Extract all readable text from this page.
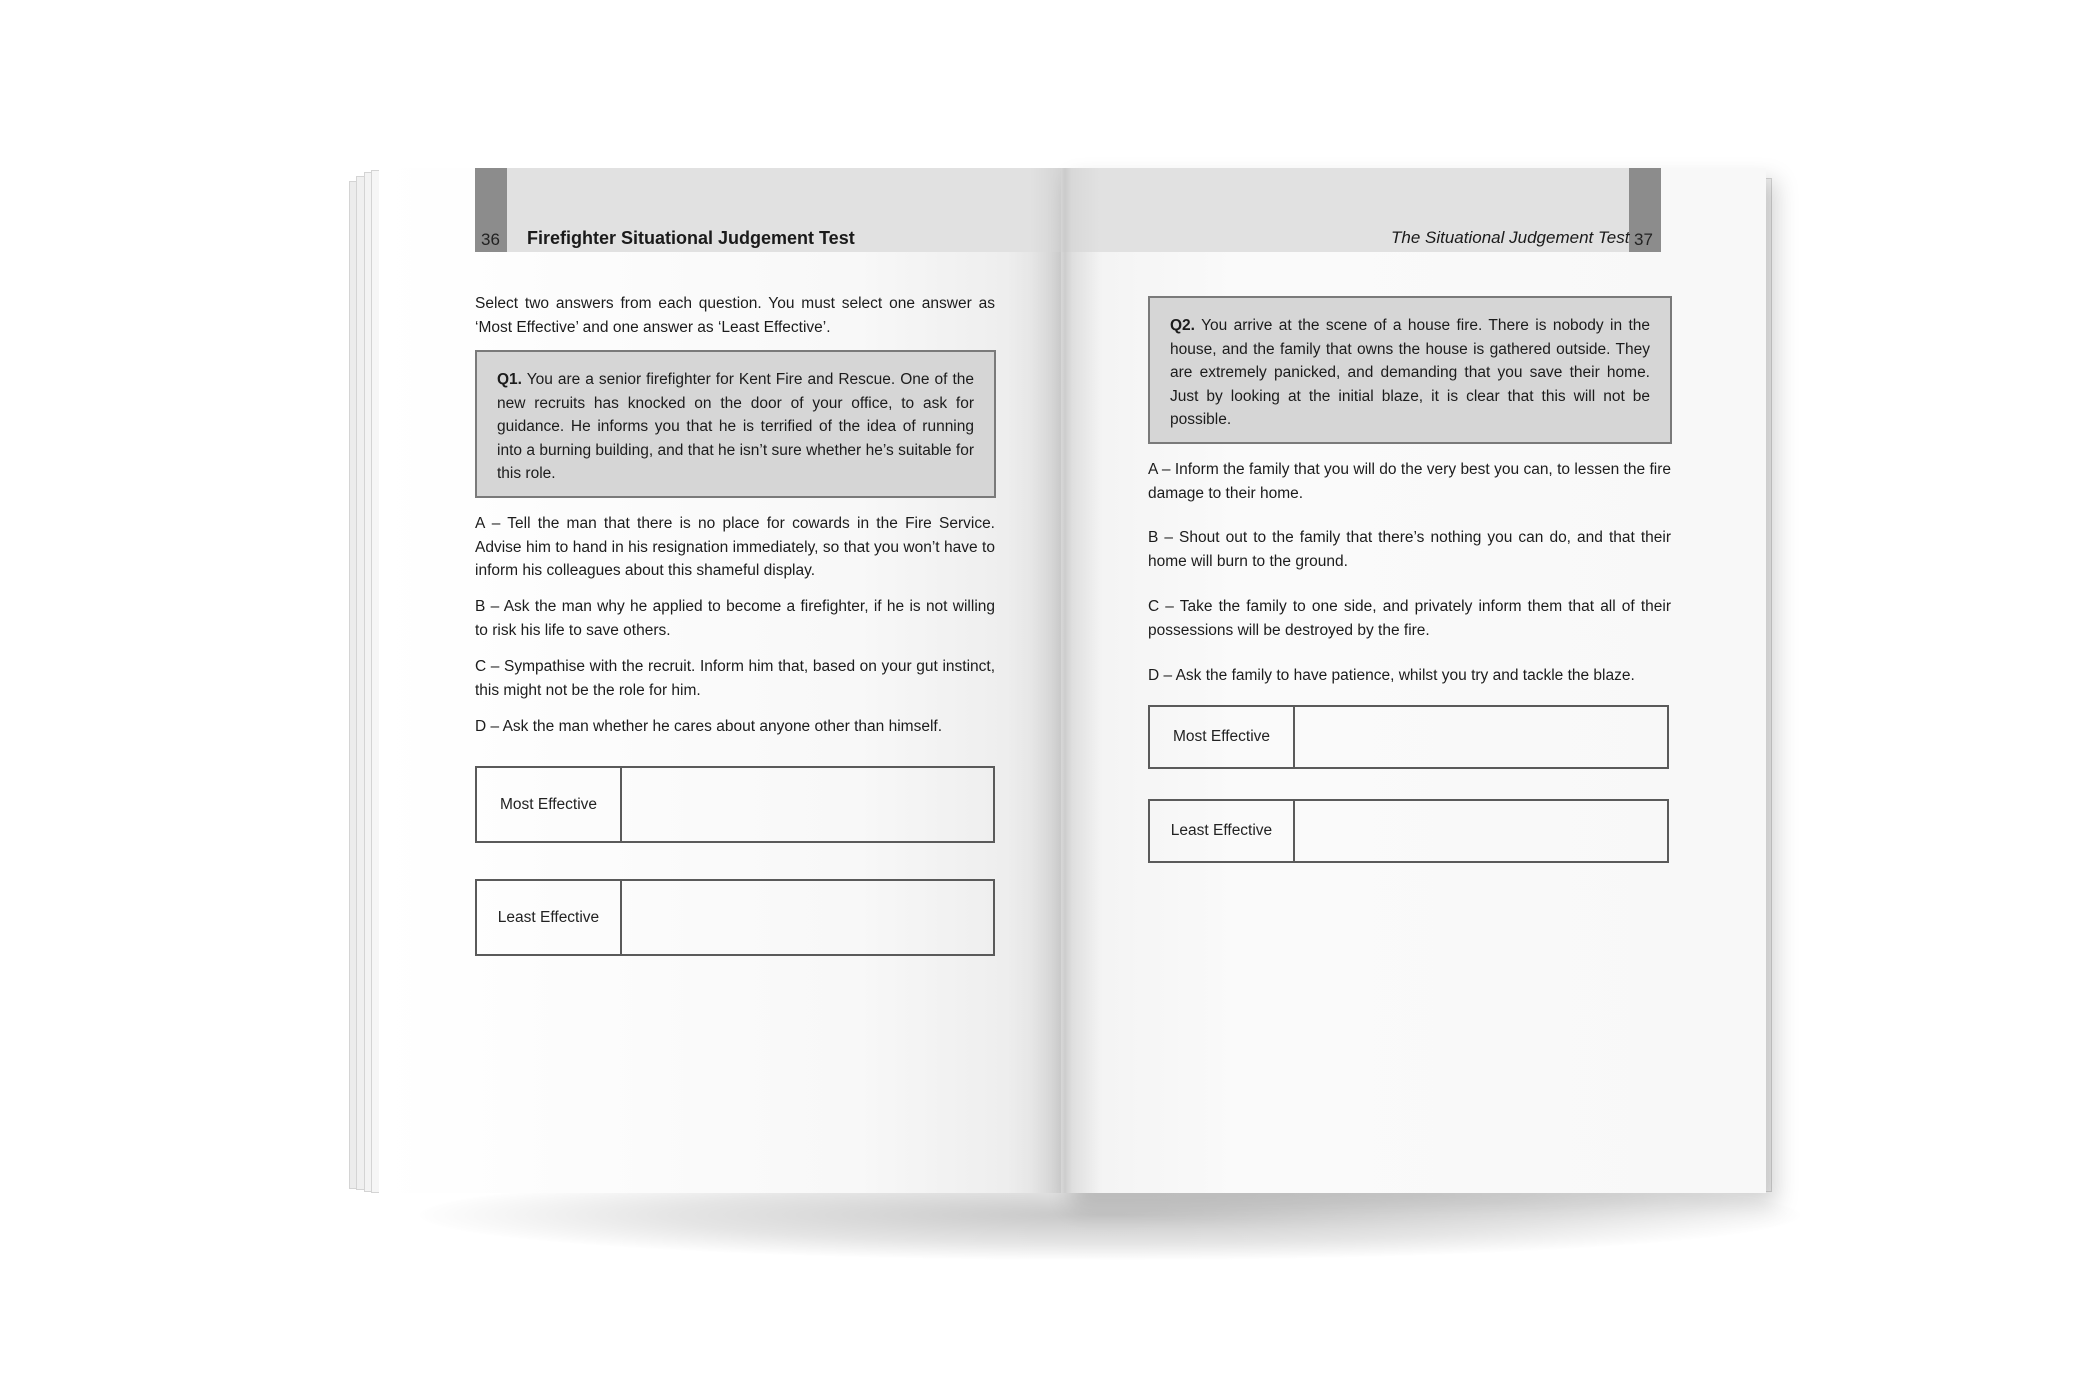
36 Firefighter Situational Judgement Test
Select two answers from each question. You must select one answer as ‘Most Effective’ and one answer as ‘Least Effective’.
Q1. You are a senior firefighter for Kent Fire and Rescue. One of the new recruits has knocked on the door of your office, to ask for guidance. He informs you that he is terrified of the idea of running into a burning building, and that he isn’t sure whether he’s suitable for this role.
A – Tell the man that there is no place for cowards in the Fire Service. Advise him to hand in his resignation immediately, so that you won’t have to inform his colleagues about this shameful display.
B – Ask the man why he applied to become a firefighter, if he is not willing to risk his life to save others.
C – Sympathise with the recruit. Inform him that, based on your gut instinct, this might not be the role for him.
D – Ask the man whether he cares about anyone other than himself.
Most Effective
Least Effective
The Situational Judgement Test 37
Q2. You arrive at the scene of a house fire. There is nobody in the house, and the family that owns the house is gathered outside. They are extremely panicked, and demanding that you save their home. Just by looking at the initial blaze, it is clear that this will not be possible.
A – Inform the family that you will do the very best you can, to lessen the fire damage to their home.
B – Shout out to the family that there’s nothing you can do, and that their home will burn to the ground.
C – Take the family to one side, and privately inform them that all of their possessions will be destroyed by the fire.
D – Ask the family to have patience, whilst you try and tackle the blaze.
Most Effective
Least Effective
